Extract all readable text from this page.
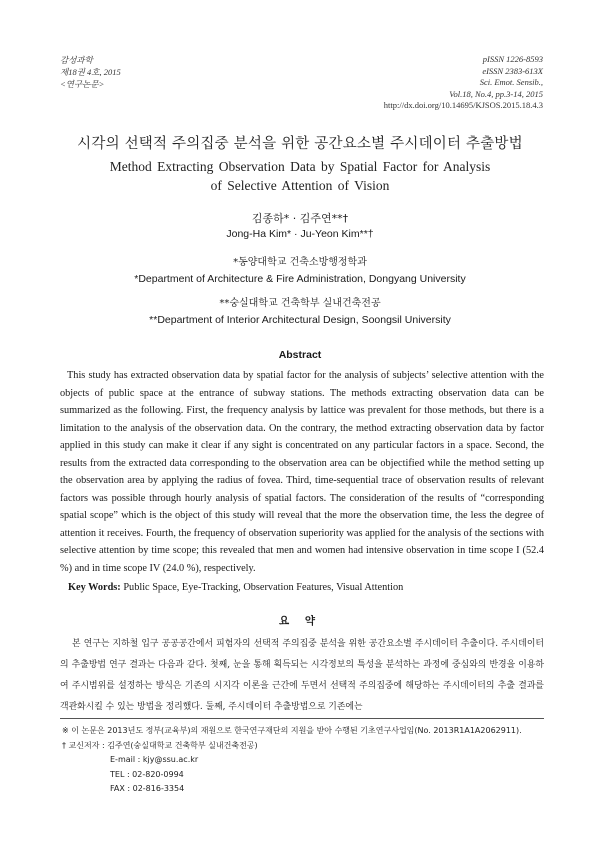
감성과학
제18권 4호, 2015
<연구논문>
pISSN 1226-8593
eISSN 2383-613X
Sci. Emot. Sensib.,
Vol.18, No.4, pp.3-14, 2015
http://dx.doi.org/10.14695/KJSOS.2015.18.4.3
시각의 선택적 주의집중 분석을 위한 공간요소별 주시데이터 추출방법
Method Extracting Observation Data by Spatial Factor for Analysis
of Selective Attention of Vision
김종하* · 김주연**†
Jong-Ha Kim* · Ju-Yeon Kim**†
*동양대학교 건축소방행정학과
*Department of Architecture & Fire Administration, Dongyang University
**숭실대학교 건축학부 실내건축전공
**Department of Interior Architectural Design, Soongsil University
Abstract

This study has extracted observation data by spatial factor for the analysis of subjects’ selective attention with the objects of public space at the entrance of subway stations. The methods extracting observation data can be summarized as the following. First, the frequency analysis by lattice was prevalent for those methods, but there is a limitation to the analysis of the observation data. On the contrary, the method extracting observation data by factor applied in this study can make it clear if any sight is concentrated on any particular factors in a space. Second, the results from the extracted data corresponding to the observation area can be objectified while the method setting up the observation area by applying the radius of fovea. Third, time-sequential trace of observation results of relevant factors was possible through hourly analysis of spatial factors. The consideration of the results of “corresponding spatial scope” which is the object of this study will reveal that the more the observation time, the less the degree of attention it receives. Fourth, the frequency of observation superiority was applied for the analysis of the sections with selective attention by time scope; this revealed that men and women had intensive observation in time scope I (52.4 %) and in time scope IV (24.0 %), respectively.

Key Words: Public Space, Eye-Tracking, Observation Features, Visual Attention
요 약

본 연구는 지하철 입구 공공공간에서 피험자의 선택적 주의집중 분석을 위한 공간요소별 주시데이터 추출이다. 주시데이터의 추출방법 연구 결과는 다음과 같다. 첫째, 눈을 통해 획득되는 시각정보의 특성을 분석하는 과정에 중심와의 반경을 이용하여 주시범위를 설정하는 방식은 기존의 시지각 이론을 근간에 두면서 선택적 주의집중에 해당하는 주시데이터의 추출 결과를 객관화시킬 수 있는 방법을 정리했다. 둘째, 주시데이터 추출방법으로 기존에는

※ 이 논문은 2013년도 정부(교육부)의 재원으로 한국연구재단의 지원을 받아 수행된 기초연구사업임(No. 2013R1A1A2062911).
† 교신저자 : 김주연(숭실대학교 건축학부 실내건축전공)
E-mail : kjy@ssu.ac.kr
TEL : 02-820-0994
FAX : 02-816-3354
